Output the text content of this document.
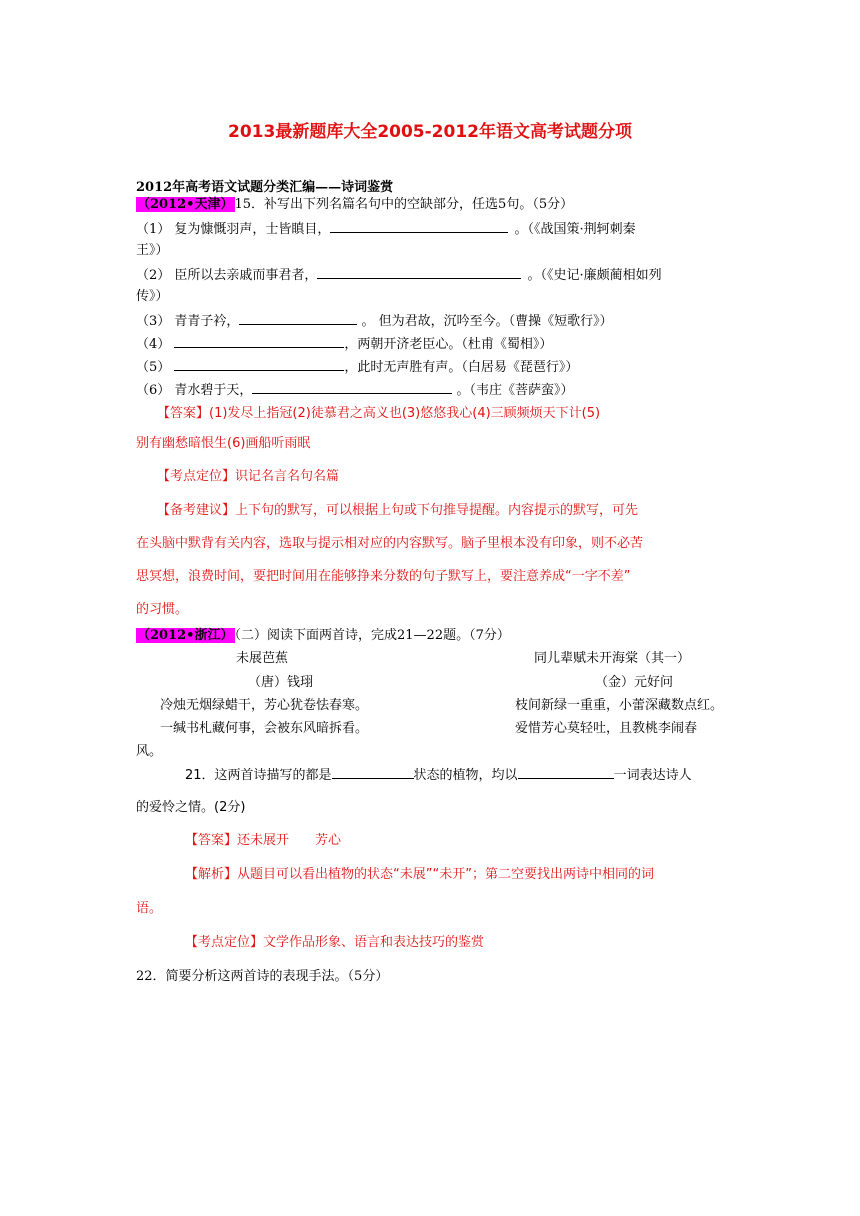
2013最新题库大全2005-2012年语文高考试题分项
2012年高考语文试题分类汇编——诗词鉴赏
（2012•天津）15．补写出下列名篇名句中的空缺部分，任选5句。（5分）
（1） 复为慷慨羽声，士皆瞋目，	。（《战国策·荆轲刺秦
王》）
（2） 臣所以去亲戚而事君者，	。（《史记·廉颇蔺相如列
传》）
（3） 青青子衿，	。 但为君故，沉吟至今。（曹操《短歌行》）
（4）	，两朝开济老臣心。（杜甫《蜀相》）
（5）	，此时无声胜有声。（白居易《琵琶行》）
（6） 青水碧于天，	。（韦庄《菩萨蛮》）
【答案】(1)发尽上指冠(2)徒慕君之高义也(3)悠悠我心(4)三顾频烦天下计(5)
别有幽愁暗恨生(6)画船听雨眠
【考点定位】识记名言名句名篇
【备考建议】上下句的默写，可以根据上句或下句推导提醒。内容提示的默写，可先
在头脑中默背有关内容，选取与提示相对应的内容默写。脑子里根本没有印象，则不必苦
思冥想，浪费时间，要把时间用在能够挣来分数的句子默写上，要注意养成“一字不差”
的习惯。
（2012•浙江）（二）阅读下面两首诗，完成21—22题。（7分）
未展芭蕉	同儿辈赋未开海棠（其一）
（唐）钱珝	（金）元好问
冷烛无烟绿蜡干，芳心犹卷怯春寒。	枝间新绿一重重，小蕾深藏数点红。
一缄书札藏何事，会被东风暗拆看。	爱惜芳心莫轻吐，且教桃李闹春
风。
21．这两首诗描写的都是	状态的植物，均以	一词表达诗人
的爱怜之情。(2分)
【答案】还未展开　　芳心
【解析】从题目可以看出植物的状态“未展”“未开”；第二空要找出两诗中相同的词
语。
【考点定位】文学作品形象、语言和表达技巧的鉴赏
22．简要分析这两首诗的表现手法。（5分）
